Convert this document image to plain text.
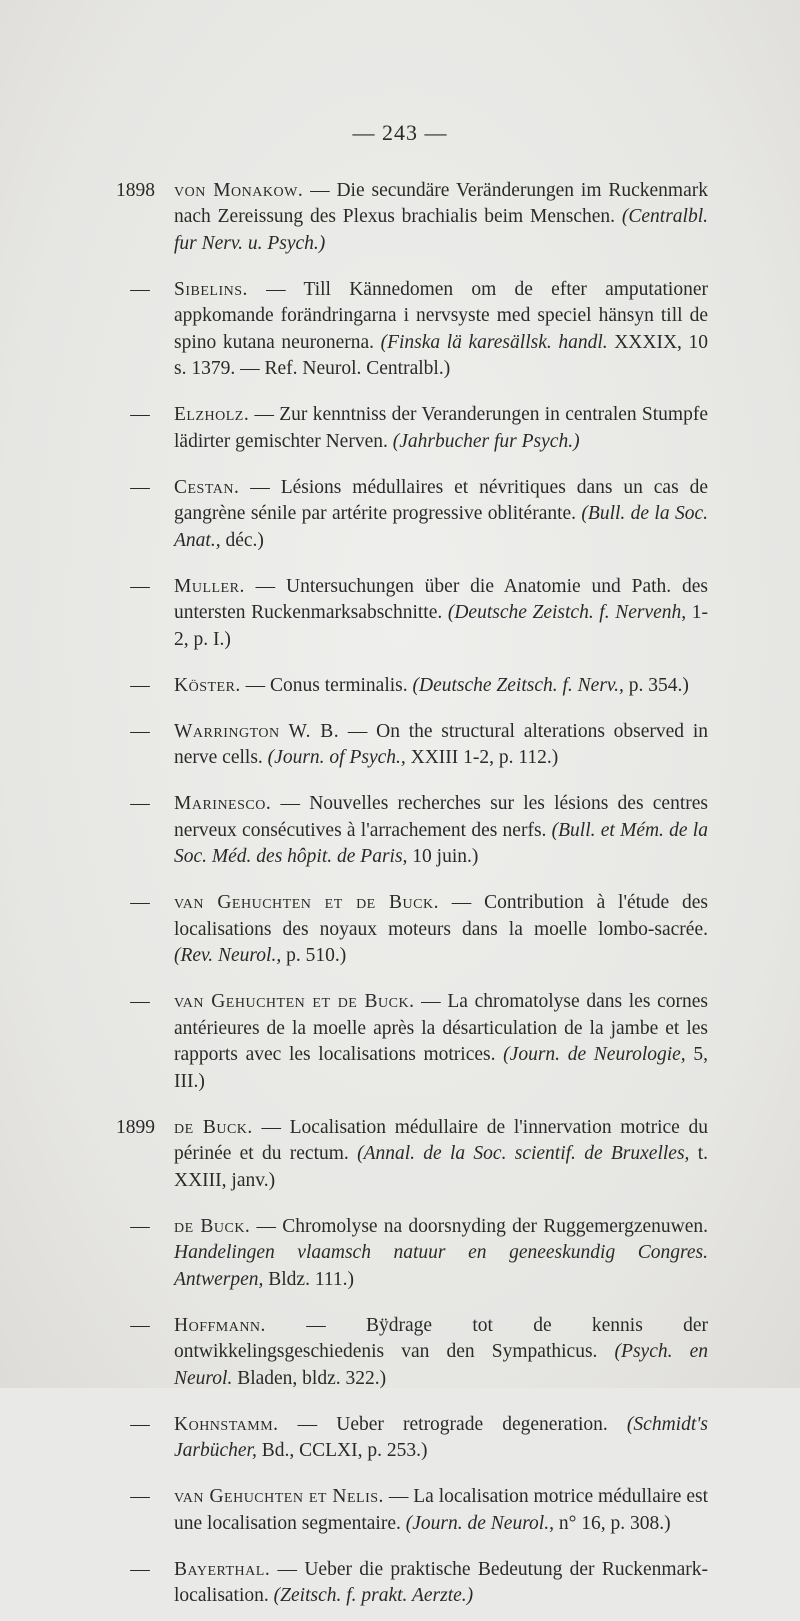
— 243 —

1898 von Monakow. — Die secundäre Veränderungen im Ruckenmark nach Zereissung des Plexus brachialis beim Menschen. (Centralbl. fur Nerv. u. Psych.)

— Sibelins. — Till Kännedomen om de efter amputationer appkomande forändringarna i nervsyste med speciel hänsyn till de spino kutana neuronerna. (Finska lä karesällsk. handl. XXXIX, 10 s. 1379. — Ref. Neurol. Centralbl.)

— Elzholz. — Zur kenntniss der Veranderungen in centralen Stumpfe lädirter gemischter Nerven. (Jahrbucher fur Psych.)

— Cestan. — Lésions médullaires et névritiques dans un cas de gangrène sénile par artérite progressive oblitérante. (Bull. de la Soc. Anat., déc.)

— Muller. — Untersuchungen über die Anatomie und Path. des untersten Ruckenmarksabschnitte. (Deutsche Zeistch. f. Nervenh, 1-2, p. I.)

— Köster. — Conus terminalis. (Deutsche Zeitsch. f. Nerv., p. 354.)

— Warrington W. B. — On the structural alterations observed in nerve cells. (Journ. of Psych., XXIII 1-2, p. 112.)

— Marinesco. — Nouvelles recherches sur les lésions des centres nerveux consécutives à l'arrachement des nerfs. (Bull. et Mém. de la Soc. Méd. des hôpit. de Paris, 10 juin.)

— van Gehuchten et de Buck. — Contribution à l'étude des localisations des noyaux moteurs dans la moelle lombo-sacrée. (Rev. Neurol., p. 510.)

— van Gehuchten et de Buck. — La chromatolyse dans les cornes antérieures de la moelle après la désarticulation de la jambe et les rapports avec les localisations motrices. (Journ. de Neurologie, 5, III.)

1899 de Buck. — Localisation médullaire de l'innervation motrice du périnée et du rectum. (Annal. de la Soc. scientif. de Bruxelles, t. XXIII, janv.)

— de Buck. — Chromolyse na doorsnyding der Ruggemergzenuwen. Handelingen vlaamsch natuur en geneeskundig Congres. Antwerpen, Bldz. 111.)

— Hoffmann. — Bÿdrage tot de kennis der ontwikkelingsgeschiedenis van den Sympathicus. (Psych. en Neurol. Bladen, bldz. 322.)

— Kohnstamm. — Ueber retrograde degeneration. (Schmidt's Jarbücher, Bd., CCLXI, p. 253.)

— van Gehuchten et Nelis. — La localisation motrice médullaire est une localisation segmentaire. (Journ. de Neurol., n° 16, p. 308.)

— Bayerthal. — Ueber die praktische Bedeutung der Ruckenmark-localisation. (Zeitsch. f. prakt. Aerzte.)
